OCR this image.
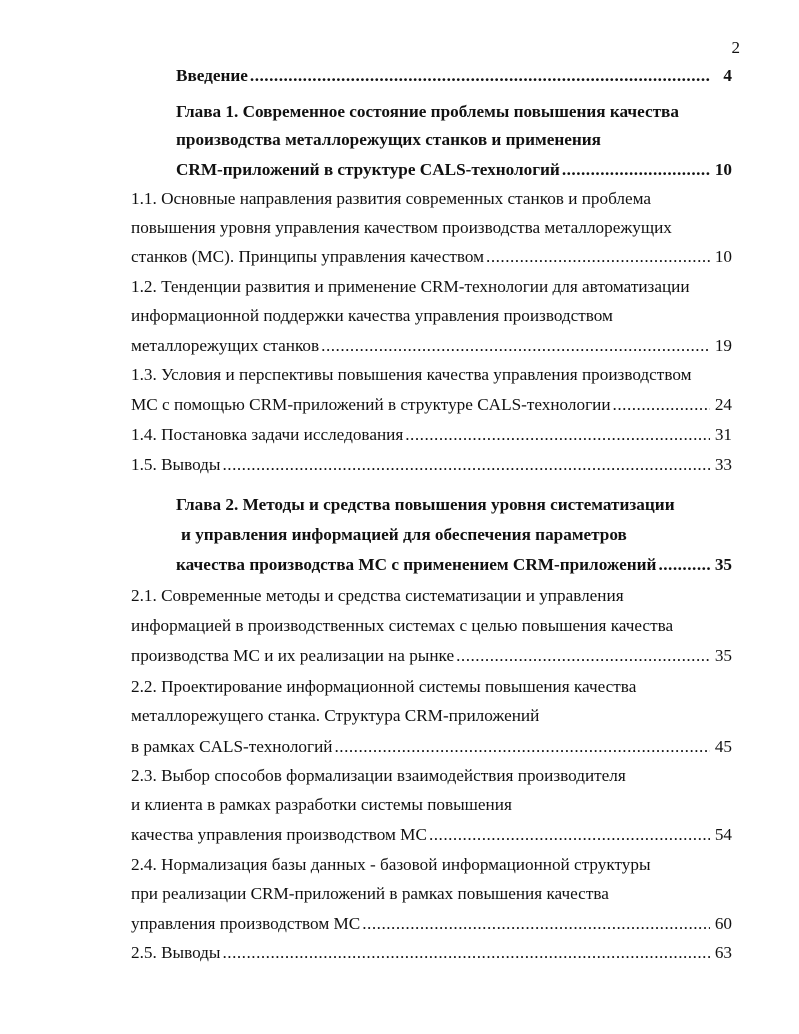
2
Введение .....	4
Глава 1. Современное состояние проблемы повышения качества
производства металлорежущих станков и применения
CRM-приложений в структуре CALS-технологий .....	10
1.1. Основные направления развития современных станков и проблема
повышения уровня управления качеством производства металлорежущих
станков (МС). Принципы управления качеством .....	10
1.2. Тенденции развития и применение CRM-технологии для автоматизации
информационной поддержки качества управления производством
металлорежущих станков .....	19
1.3. Условия и перспективы повышения качества управления производством
МС с помощью CRM-приложений в структуре CALS-технологии .....	24
1.4. Постановка задачи исследования .....	31
1.5. Выводы .....	33
Глава 2. Методы и средства повышения уровня систематизации
и управления информацией для обеспечения параметров
качества производства МС с применением CRM-приложений .....	35
2.1. Современные методы и средства систематизации и управления
информацией в производственных системах с целью повышения качества
производства МС и их реализации на рынке .....	35
2.2. Проектирование информационной системы повышения качества
металлорежущего станка. Структура CRM-приложений
в рамках CALS-технологий .....	45
2.3. Выбор способов формализации взаимодействия производителя
и клиента в рамках разработки системы повышения
качества управления производством МС .....	54
2.4. Нормализация базы данных - базовой информационной структуры
при реализации CRM-приложений в рамках повышения качества
управления производством МС .....	60
2.5. Выводы .....	63
